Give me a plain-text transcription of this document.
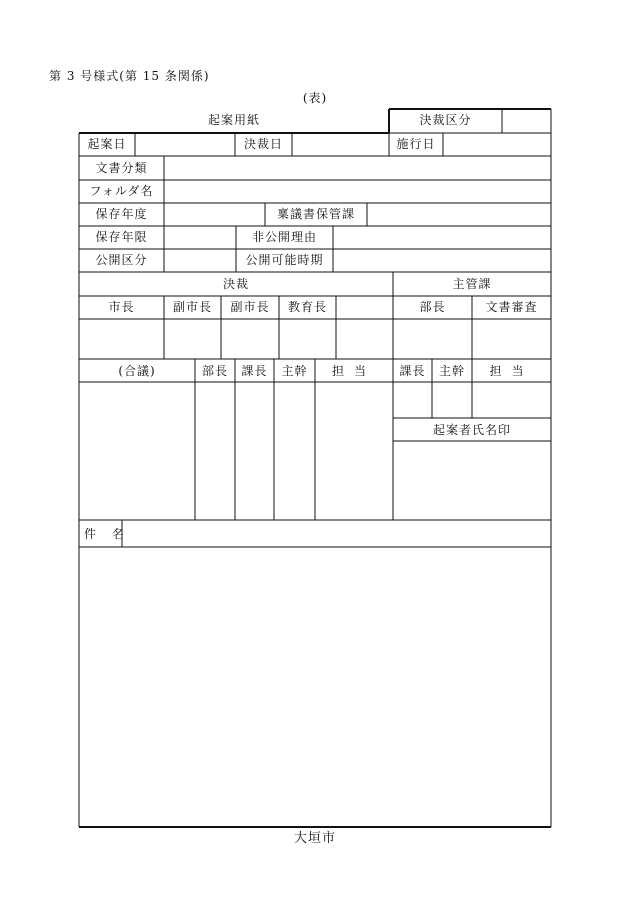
第 3 号様式(第 15 条関係)
(表)
起案用紙	決裁区分
起案日	決裁日	施行日
文書分類
フォルダ名
保存年度	稟議書保管課
保存年限	非公開理由
公開区分	公開可能時期
決裁	主管課
市長	副市長	副市長	教育長	部長	文書審査
(合議)	部長	課長	主幹	担当	課長	主幹	担当
起案者氏名印
件 名
大垣市
